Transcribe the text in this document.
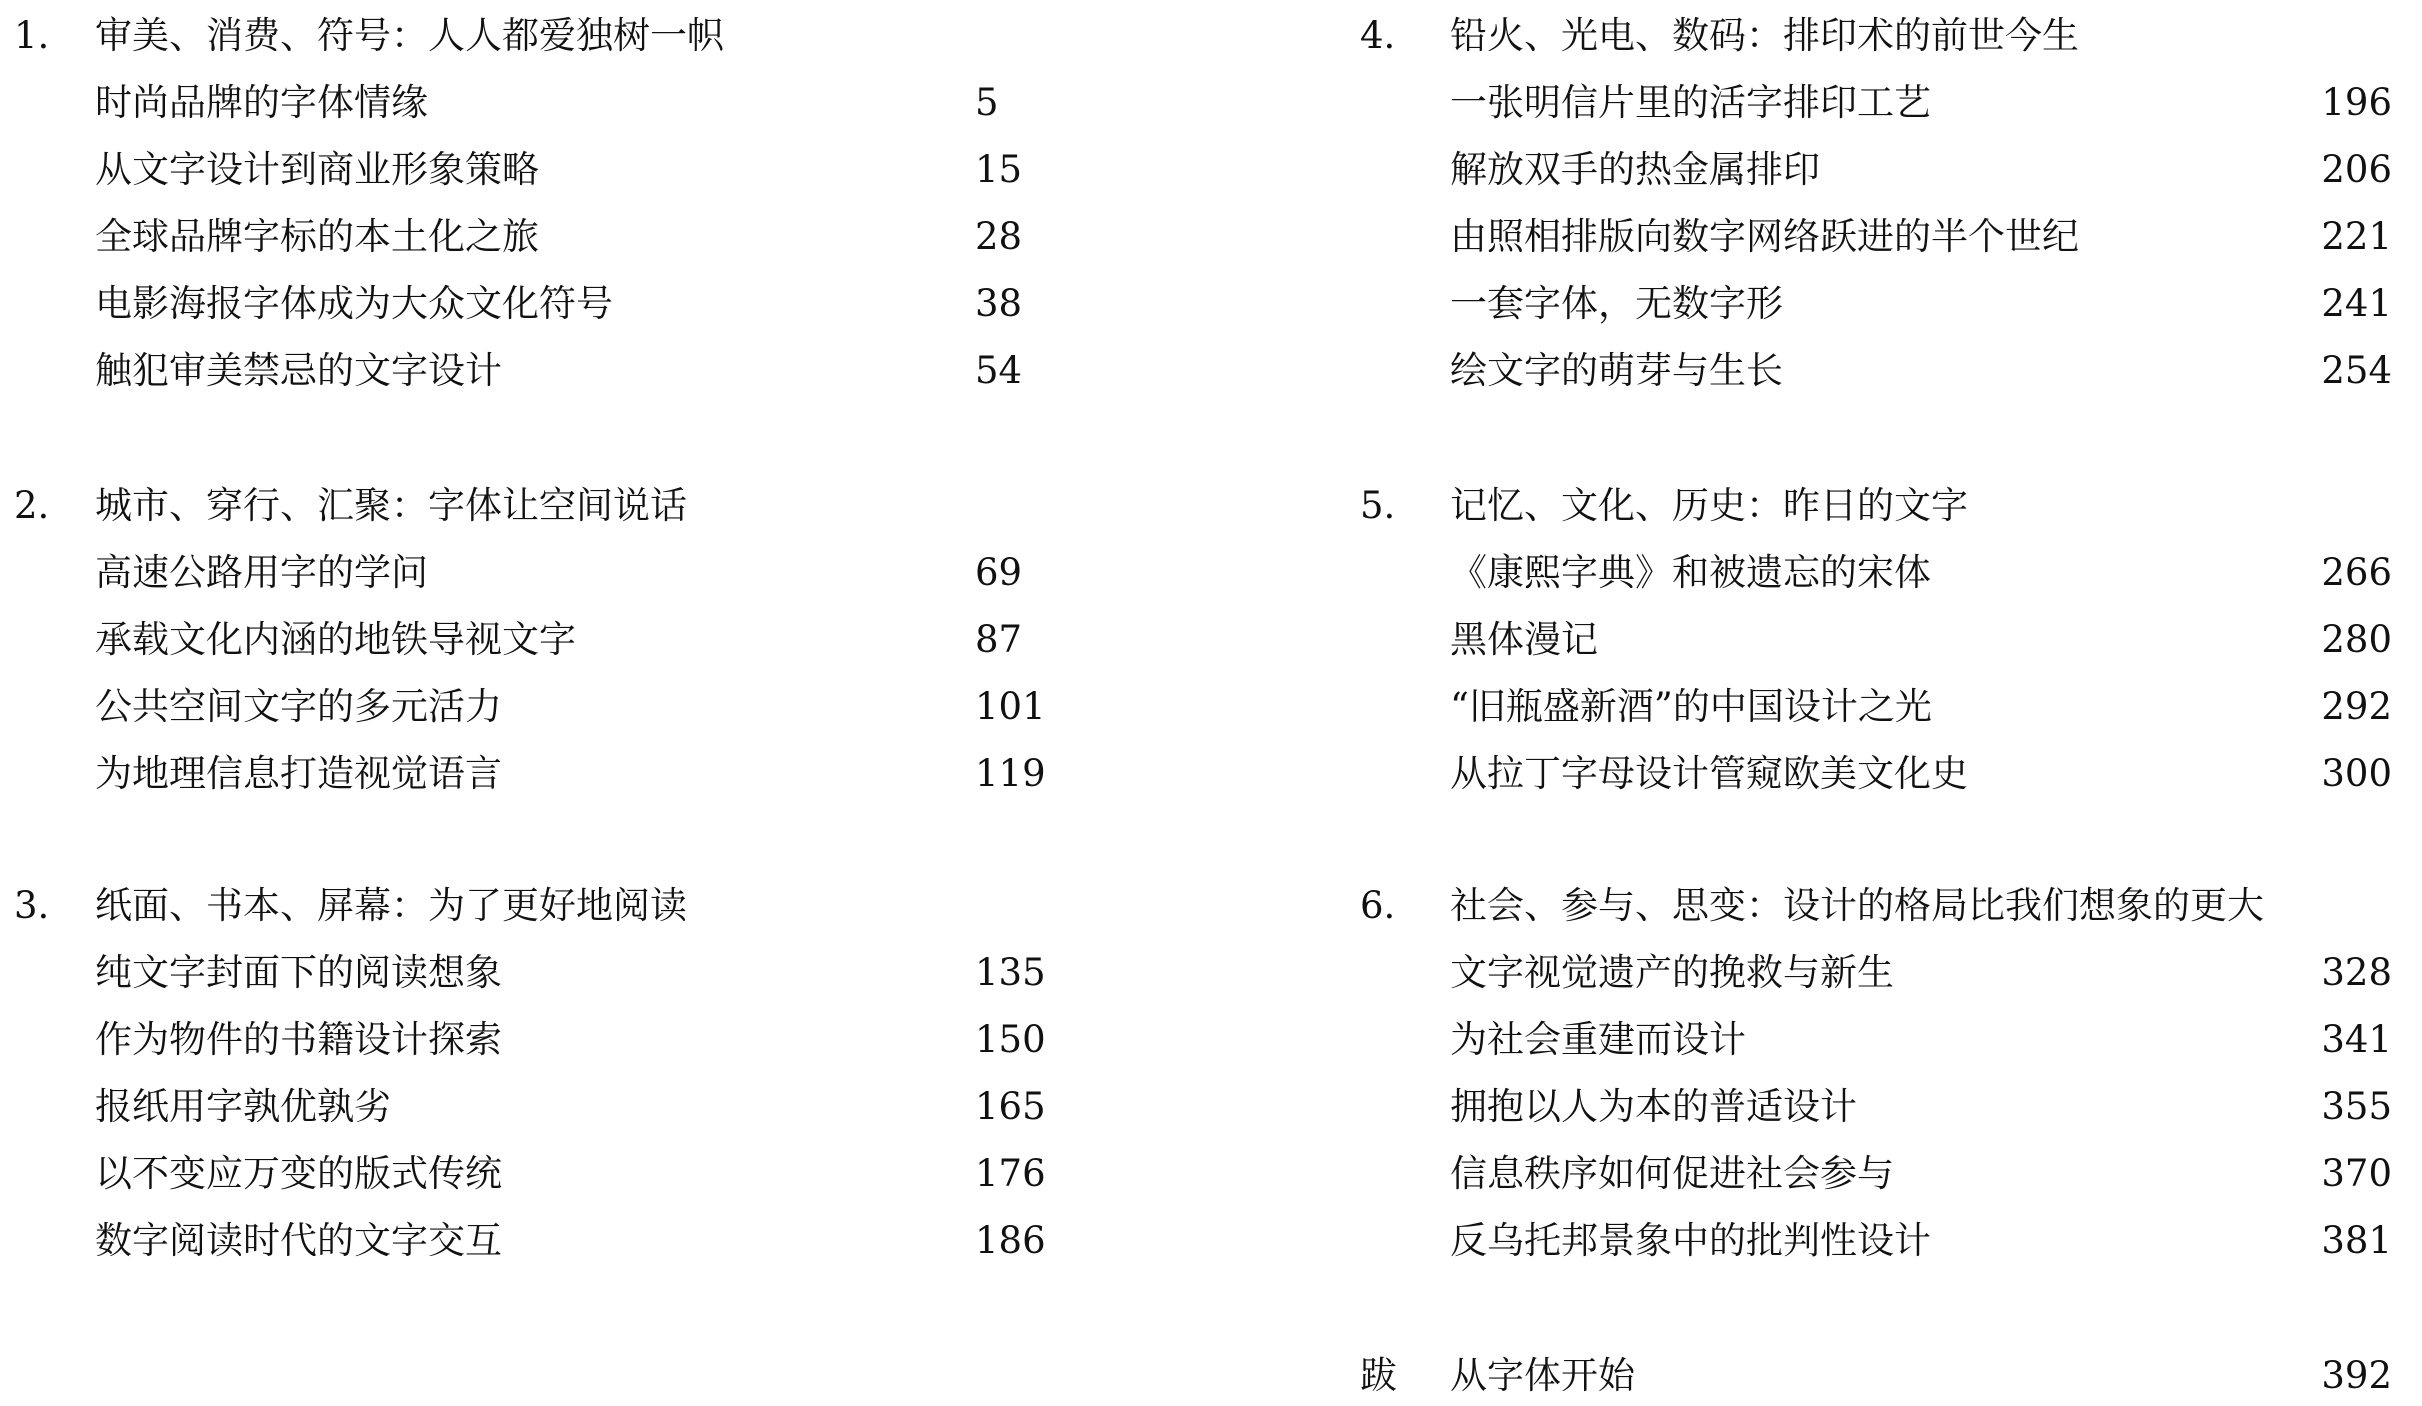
1. 审美、消费、符号：人人都爱独树一帜
时尚品牌的字体情缘	5
从文字设计到商业形象策略	15
全球品牌字标的本土化之旅	28
电影海报字体成为大众文化符号	38
触犯审美禁忌的文字设计	54
2. 城市、穿行、汇聚：字体让空间说话
高速公路用字的学问	69
承载文化内涵的地铁导视文字	87
公共空间文字的多元活力	101
为地理信息打造视觉语言	119
3. 纸面、书本、屏幕：为了更好地阅读
纯文字封面下的阅读想象	135
作为物件的书籍设计探索	150
报纸用字孰优孰劣	165
以不变应万变的版式传统	176
数字阅读时代的文字交互	186
4. 铅火、光电、数码：排印术的前世今生
一张明信片里的活字排印工艺	196
解放双手的热金属排印	206
由照相排版向数字网络跃进的半个世纪	221
一套字体，无数字形	241
绘文字的萌芽与生长	254
5. 记忆、文化、历史：昨日的文字
《康熙字典》和被遗忘的宋体	266
黑体漫记	280
“旧瓶盛新酒”的中国设计之光	292
从拉丁字母设计管窥欧美文化史	300
6. 社会、参与、思变：设计的格局比我们想象的更大
文字视觉遗产的挽救与新生	328
为社会重建而设计	341
拥抱以人为本的普适设计	355
信息秩序如何促进社会参与	370
反乌托邦景象中的批判性设计	381
跋 从字体开始	392
